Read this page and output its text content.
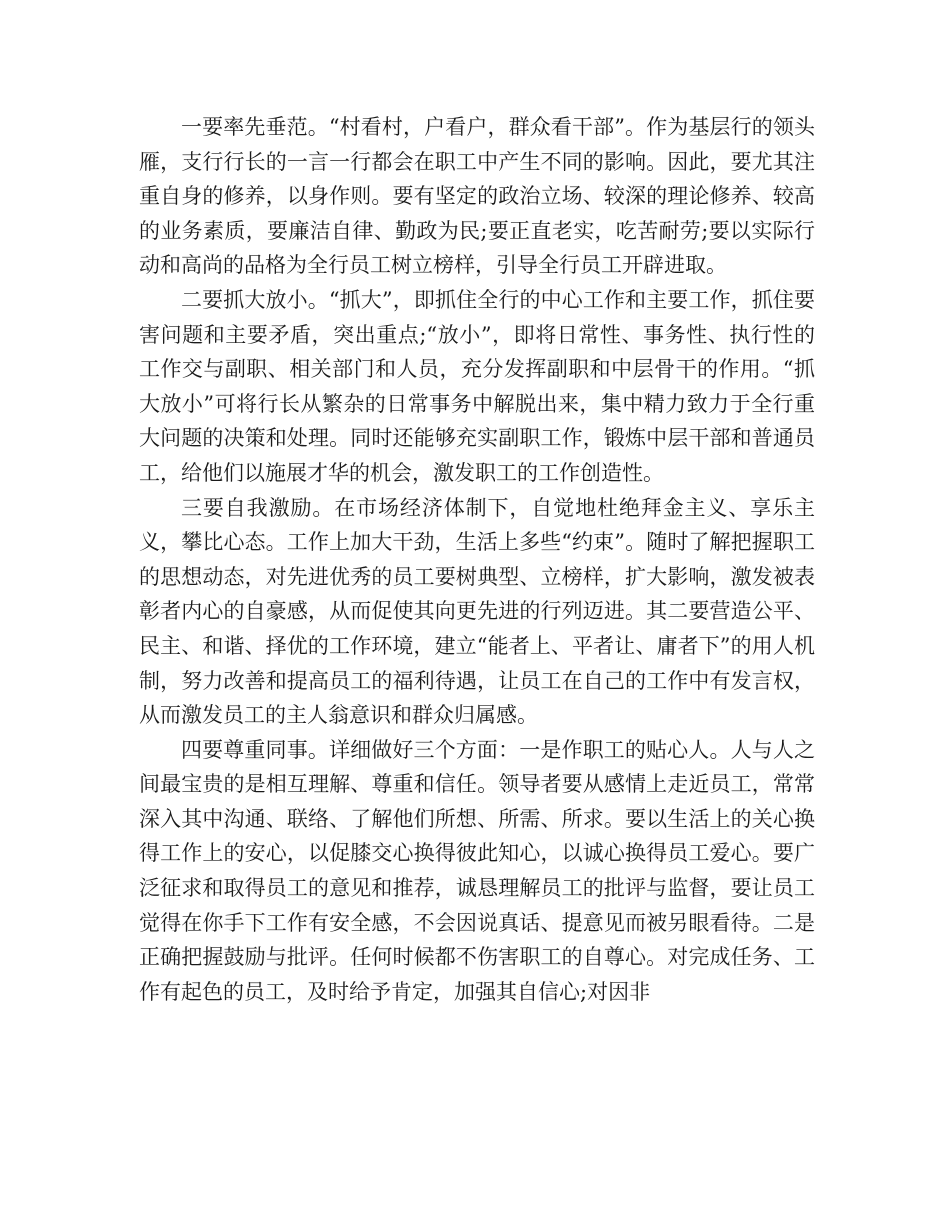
一要率先垂范。“村看村，户看户，群众看干部”。作为基层行的领头雁，支行行长的一言一行都会在职工中产生不同的影响。因此，要尤其注重自身的修养，以身作则。要有坚定的政治立场、较深的理论修养、较高的业务素质，要廉洁自律、勤政为民;要正直老实，吃苦耐劳;要以实际行动和高尚的品格为全行员工树立榜样，引导全行员工开辟进取。

二要抓大放小。“抓大”，即抓住全行的中心工作和主要工作，抓住要害问题和主要矛盾，突出重点;“放小”，即将日常性、事务性、执行性的工作交与副职、相关部门和人员，充分发挥副职和中层骨干的作用。“抓大放小”可将行长从繁杂的日常事务中解脱出来，集中精力致力于全行重大问题的决策和处理。同时还能够充实副职工作，锻炼中层干部和普通员工，给他们以施展才华的机会，激发职工的工作创造性。

三要自我激励。在市场经济体制下，自觉地杜绝拜金主义、享乐主义，攀比心态。工作上加大干劲，生活上多些“约束”。随时了解把握职工的思想动态，对先进优秀的员工要树典型、立榜样，扩大影响，激发被表彰者内心的自豪感，从而促使其向更先进的行列迈进。其二要营造公平、民主、和谐、择优的工作环境，建立“能者上、平者让、庸者下”的用人机制，努力改善和提高员工的福利待遇，让员工在自己的工作中有发言权，从而激发员工的主人翁意识和群众归属感。

四要尊重同事。详细做好三个方面：一是作职工的贴心人。人与人之间最宝贵的是相互理解、尊重和信任。领导者要从感情上走近员工，常常深入其中沟通、联络、了解他们所想、所需、所求。要以生活上的关心换得工作上的安心，以促膝交心换得彼此知心，以诚心换得员工爱心。要广泛征求和取得员工的意见和推荐，诚恳理解员工的批评与监督，要让员工觉得在你手下工作有安全感，不会因说真话、提意见而被另眼看待。二是正确把握鼓励与批评。任何时候都不伤害职工的自尊心。对完成任务、工作有起色的员工，及时给予肯定，加强其自信心;对因非
